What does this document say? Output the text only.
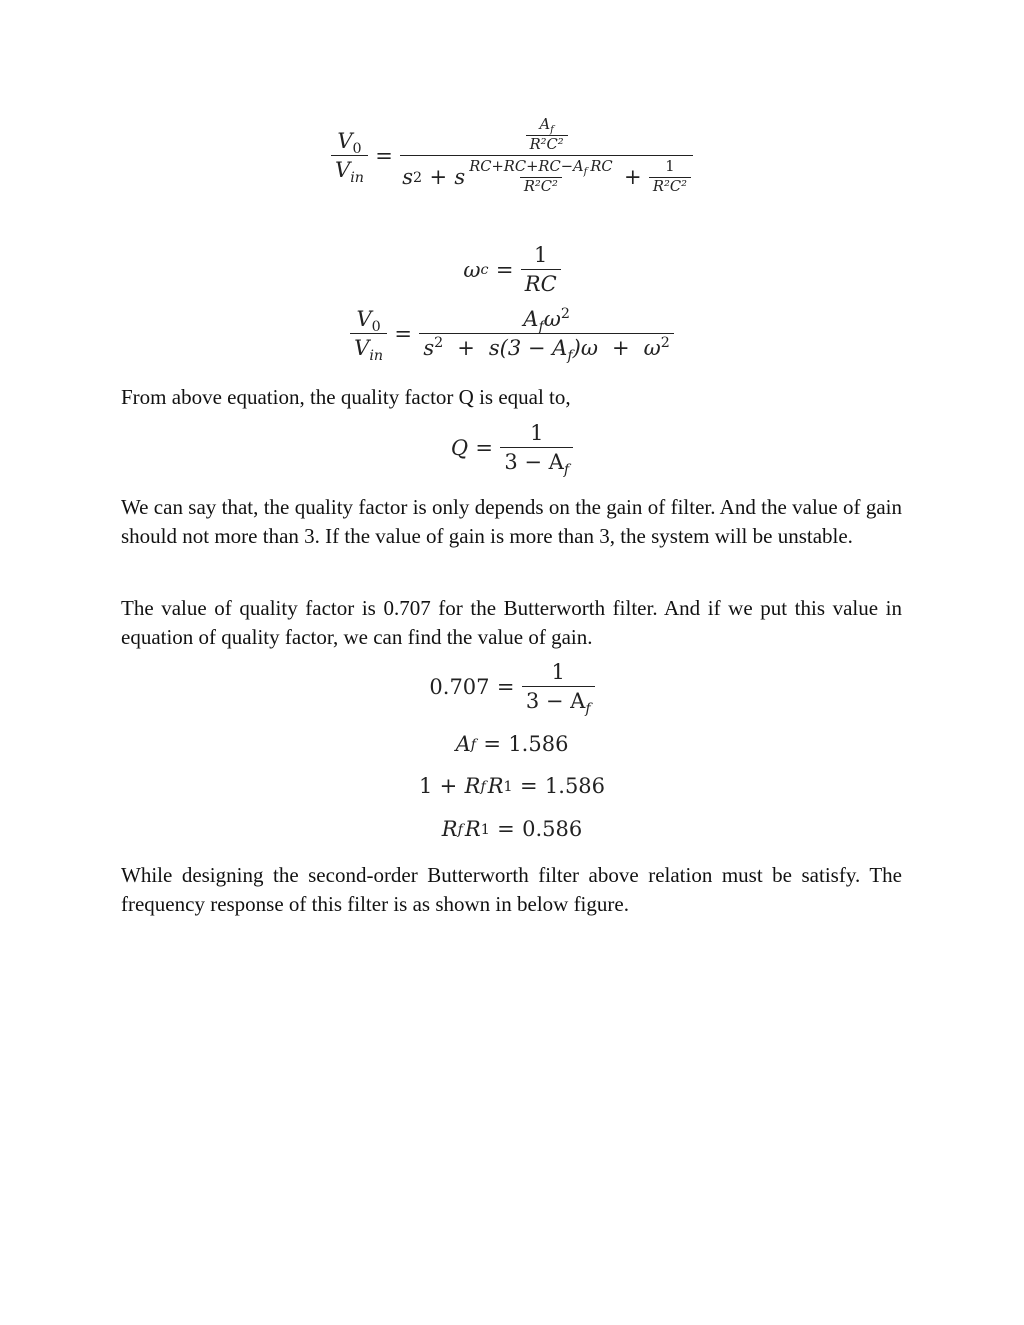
$\frac{V_0}{V_{in}}$ =
$\frac{A_f}{\text{R²C²}}$
s 2 + s $\frac{RC+RC+RC-A_f RC}{\text{R²C²}} + \frac{1}{\text{R²C²}}$
ω $c = \frac{1}{RC}$
$\frac{V_0}{V_{in}} = \frac{A_f\omega^2}{s^2 + s(3 - A_f)\omega + \omega^2}$

From above equation, the quality factor Q is equal to,

$Q = \frac{1}{3 - A_f}$

We can say that, the quality factor is only depends on the gain of filter. And the value of gain should not more than 3. If the value of gain is more than 3, the system will be unstable.

The value of quality factor is 0.707 for the Butterworth filter. And if we put this value in equation of quality factor, we can find the value of gain.

$0.707 = \frac{1}{3 - A_f}$
A f = 1.586
1 + R f R 1 = 1.586
R f R 1 = 0.586

While designing the second-order Butterworth filter above relation must be satisfy. The frequency response of this filter is as shown in below figure.
